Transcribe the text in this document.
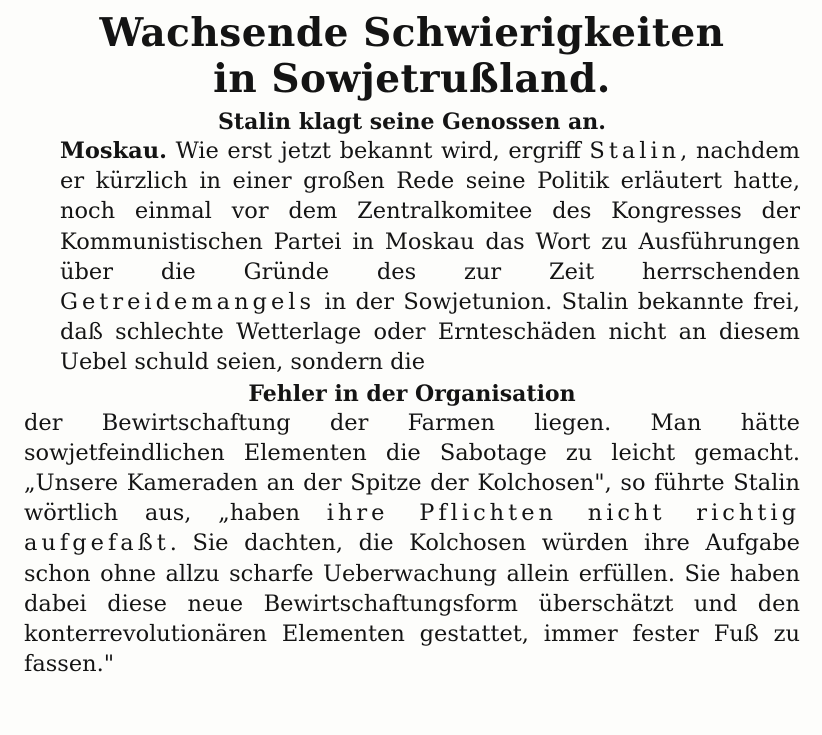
Wachsende Schwierigkeiten
in Sowjetrußland.
Stalin klagt seine Genossen an.

Moskau. Wie erst jetzt bekannt wird, ergriff Stalin, nachdem er kürzlich in einer großen Rede seine Politik erläutert hatte, noch einmal vor dem Zentralkomitee des Kongresses der Kommunistischen Partei in Moskau das Wort zu Ausführungen über die Gründe des zur Zeit herrschenden Getreidemangels in der Sowjetunion. Stalin bekannte frei, daß schlechte Wetterlage oder Ernteschäden nicht an diesem Uebel schuld seien, sondern die

Fehler in der Organisation

der Bewirtschaftung der Farmen liegen. Man hätte sowjetfeindlichen Elementen die Sabotage zu leicht gemacht. „Unsere Kameraden an der Spitze der Kolchosen", so führte Stalin wörtlich aus, „haben ihre Pflichten nicht richtig aufgefaßt. Sie dachten, die Kolchosen würden ihre Aufgabe schon ohne allzu scharfe Ueberwachung allein erfüllen. Sie haben dabei diese neue Bewirtschaftungsform überschätzt und den konterrevolutionären Elementen gestattet, immer fester Fuß zu fassen."
